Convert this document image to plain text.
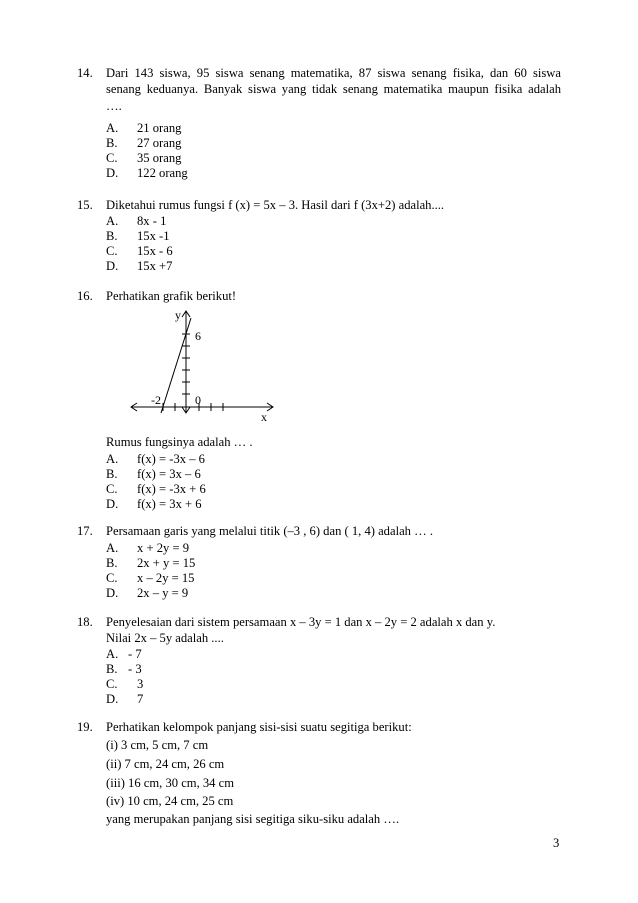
14. Dari 143 siswa, 95 siswa senang matematika, 87 siswa senang fisika, dan 60 siswa
senang keduanya. Banyak siswa yang tidak senang matematika maupun fisika adalah
….
A. 21 orang
B. 27 orang
C. 35 orang
D. 122 orang
15. Diketahui rumus fungsi f (x) = 5x – 3. Hasil dari f (3x+2) adalah....
A. 8x - 1
B. 15x -1
C. 15x - 6
D. 15x +7
16. Perhatikan grafik berikut!
y
6
-2	0
x
Rumus fungsinya adalah … .
A. f(x) = -3x – 6
B. f(x) = 3x – 6
C. f(x) = -3x + 6
D. f(x) = 3x + 6
17. Persamaan garis yang melalui titik (–3 , 6) dan ( 1, 4) adalah … .
A. x + 2y = 9
B. 2x + y = 15
C. x – 2y = 15
D. 2x – y = 9
18. Penyelesaian dari sistem persamaan x – 3y = 1 dan x – 2y = 2 adalah x dan y.
Nilai 2x – 5y adalah ....
A. - 7
B. - 3
C. 3
D. 7
19. Perhatikan kelompok panjang sisi-sisi suatu segitiga berikut:
(i) 3 cm, 5 cm, 7 cm
(ii) 7 cm, 24 cm, 26 cm
(iii) 16 cm, 30 cm, 34 cm
(iv) 10 cm, 24 cm, 25 cm
yang merupakan panjang sisi segitiga siku-siku adalah ….
3
